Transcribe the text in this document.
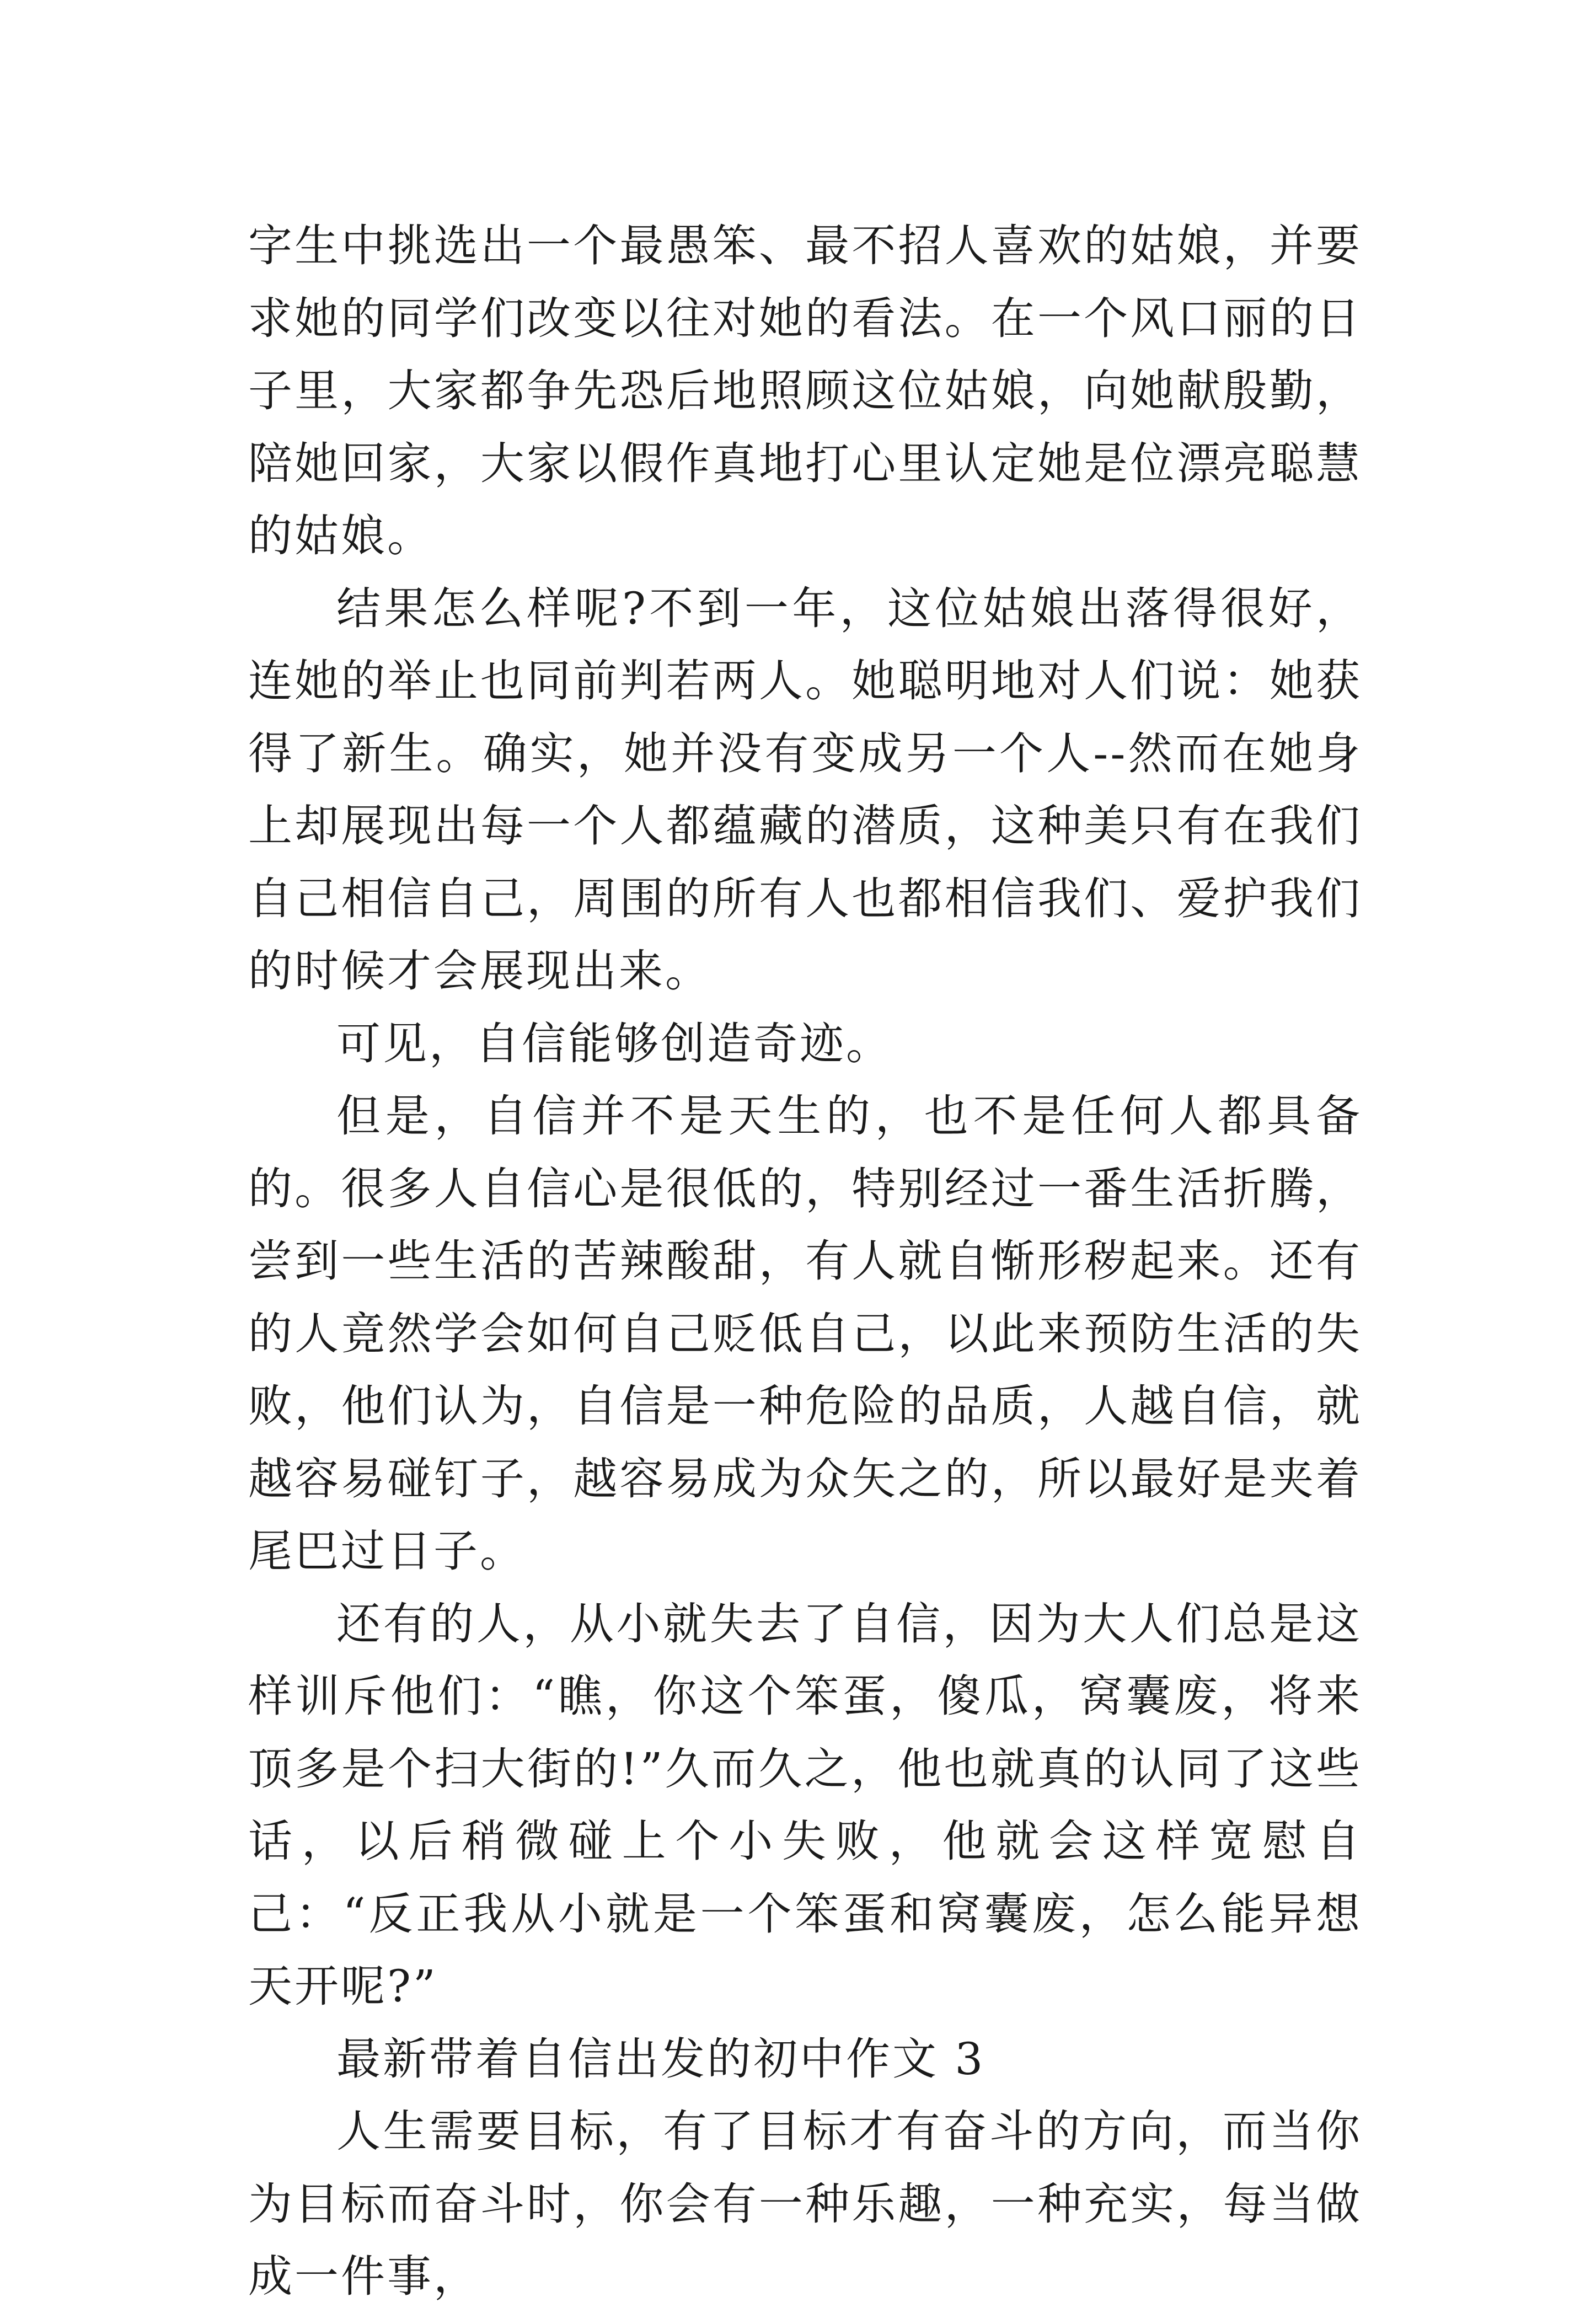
字生中挑选出一个最愚笨、最不招人喜欢的姑娘，并要求她的同学们改变以往对她的看法。在一个风口丽的日子里，大家都争先恐后地照顾这位姑娘，向她献殷勤，陪她回家，大家以假作真地打心里认定她是位漂亮聪慧的姑娘。

结果怎么样呢?不到一年，这位姑娘出落得很好，连她的举止也同前判若两人。她聪明地对人们说：她获得了新生。确实，她并没有变成另一个人--然而在她身上却展现出每一个人都蕴藏的潜质，这种美只有在我们自己相信自己，周围的所有人也都相信我们、爱护我们的时候才会展现出来。

可见，自信能够创造奇迹。

但是，自信并不是天生的，也不是任何人都具备的。很多人自信心是很低的，特别经过一番生活折腾，尝到一些生活的苦辣酸甜，有人就自惭形秽起来。还有的人竟然学会如何自己贬低自己，以此来预防生活的失败，他们认为，自信是一种危险的品质，人越自信，就越容易碰钉子，越容易成为众矢之的，所以最好是夹着尾巴过日子。

还有的人，从小就失去了自信，因为大人们总是这样训斥他们：“瞧，你这个笨蛋，傻瓜，窝囊废，将来顶多是个扫大街的!”久而久之，他也就真的认同了这些话，以后稍微碰上个小失败，他就会这样宽慰自己：“反正我从小就是一个笨蛋和窝囊废，怎么能异想天开呢?”

最新带着自信出发的初中作文 3

人生需要目标，有了目标才有奋斗的方向，而当你为目标而奋斗时，你会有一种乐趣，一种充实，每当做成一件事，
